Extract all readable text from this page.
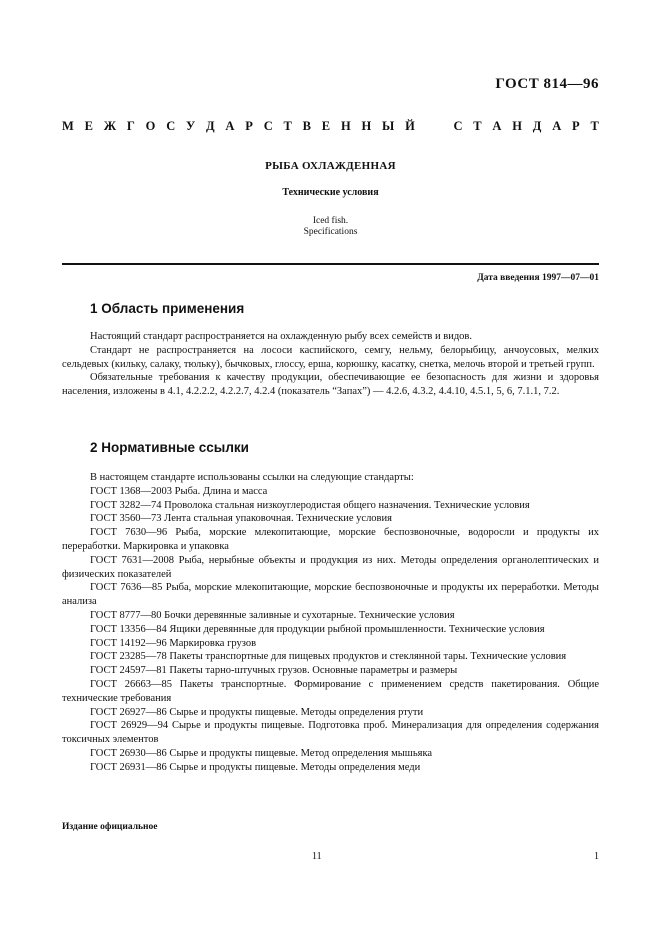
ГОСТ 814—96
М Е Ж Г О С У Д А Р С Т В Е Н Н Ы Й

	С Т А Н Д А Р Т
РЫБА ОХЛАЖДЕННАЯ
Технические условия
Iced fish.
Specifications
Дата введения 1997—07—01
1 Область применения

Настоящий стандарт распространяется на охлажденную рыбу всех семейств и видов.

Стандарт не распространяется на лососи каспийского, семгу, нельму, белорыбицу, анчоусовых, мелких сельдевых (кильку, салаку, тюльку), бычковых, глоссу, ерша, корюшку, касатку, снетка, мелочь второй и третьей групп.

Обязательные требования к качеству продукции, обеспечивающие ее безопасность для жизни и здоровья населения, изложены в 4.1, 4.2.2.2, 4.2.2.7, 4.2.4 (показатель “Запах”) — 4.2.6, 4.3.2, 4.4.10, 4.5.1, 5, 6, 7.1.1, 7.2.

2 Нормативные ссылки

В настоящем стандарте использованы ссылки на следующие стандарты:

ГОСТ 1368—2003 Рыба. Длина и масса

ГОСТ 3282—74 Проволока стальная низкоуглеродистая общего назначения. Технические условия

ГОСТ 3560—73 Лента стальная упаковочная. Технические условия

ГОСТ 7630—96 Рыба, морские млекопитающие, морские беспозвоночные, водоросли и продукты их переработки. Маркировка и упаковка

ГОСТ 7631—2008 Рыба, нерыбные объекты и продукция из них. Методы определения органолептических и физических показателей

ГОСТ 7636—85 Рыба, морские млекопитающие, морские беспозвоночные и продукты их переработки. Методы анализа

ГОСТ 8777—80 Бочки деревянные заливные и сухотарные. Технические условия

ГОСТ 13356—84 Ящики деревянные для продукции рыбной промышленности. Технические условия

ГОСТ 14192—96 Маркировка грузов

ГОСТ 23285—78 Пакеты транспортные для пищевых продуктов и стеклянной тары. Технические условия

ГОСТ 24597—81 Пакеты тарно-штучных грузов. Основные параметры и размеры

ГОСТ 26663—85 Пакеты транспортные. Формирование с применением средств пакетирования. Общие технические требования

ГОСТ 26927—86 Сырье и продукты пищевые. Методы определения ртути

ГОСТ 26929—94 Сырье и продукты пищевые. Подготовка проб. Минерализация для определения содержания токсичных элементов

ГОСТ 26930—86 Сырье и продукты пищевые. Метод определения мышьяка

ГОСТ 26931—86 Сырье и продукты пищевые. Методы определения меди

Издание официальное
11	1
